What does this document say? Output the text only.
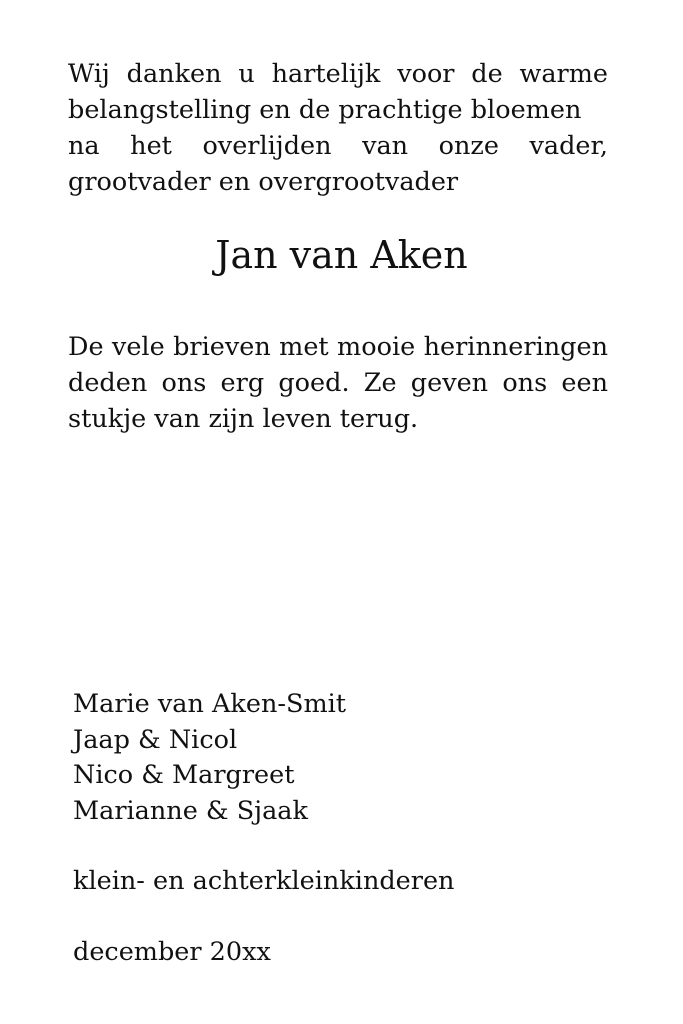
Wij danken u hartelijk voor de warme
belangstelling en de prachtige bloemen
na het overlijden van onze vader,
grootvader en overgrootvader
Jan van Aken
De vele brieven met mooie herinneringen
deden ons erg goed. Ze geven ons een
stukje van zijn leven terug.
Marie van Aken-Smit
Jaap & Nicol
Nico & Margreet
Marianne & Sjaak
klein- en achterkleinkinderen
december 20xx
